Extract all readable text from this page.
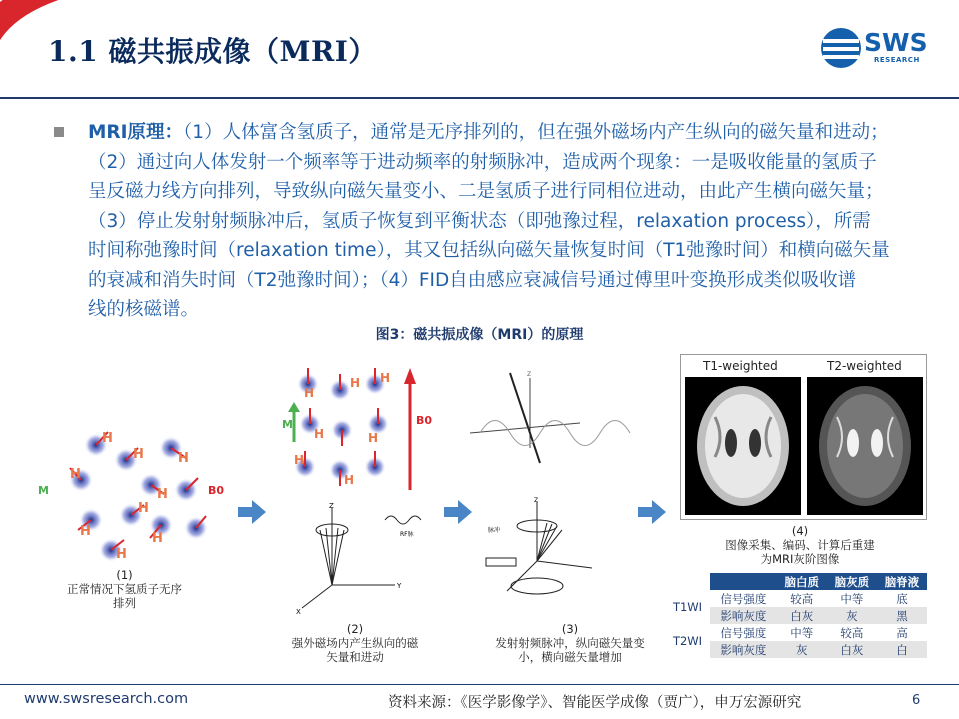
1.1 磁共振成像（MRI）	SWS
RESEARCH
MRI原理：（1）人体富含氢质子，通常是无序排列的，但在强外磁场内产生纵向的磁矢量和进动；
（2）通过向人体发射一个频率等于进动频率的射频脉冲，造成两个现象：一是吸收能量的氢质子
呈反磁力线方向排列，导致纵向磁矢量变小、二是氢质子进行同相位进动，由此产生横向磁矢量；
（3）停止发射射频脉冲后，氢质子恢复到平衡状态（即弛豫过程，relaxation process），所需
时间称弛豫时间（relaxation time），其又包括纵向磁矢量恢复时间（T1弛豫时间）和横向磁矢量
的衰减和消失时间（T2弛豫时间）；（4）FID自由感应衰减信号通过傅里叶变换形成类似吸收谱
线的核磁谱。
图3：磁共振成像（MRI）的原理
H
H	H
H
H
H
H
H
H
M	B0
(1)
正常情况下氢质子无序排列
H
H H
H	H
H
H
M	B0
Z
Y
X
RF脉
(2)
强外磁场内产生纵向的磁矢量和进动
Z
Z
脉冲
(3)
发射射频脉冲，纵向磁矢量变小，横向磁矢量增加
T1-weighted	T2-weighted
(4)
图像采集、编码、计算后重建为MRI灰阶图像
		脑白质	脑灰质	脑脊液
T1WI	信号强度	较高	中等	底
	影响灰度	白灰	灰	黑
T2WI	信号强度	中等	较高	高
	影响灰度	灰	白灰	白
www.swsresearch.com	资料来源：《医学影像学》、智能医学成像（贾广），申万宏源研究	6
